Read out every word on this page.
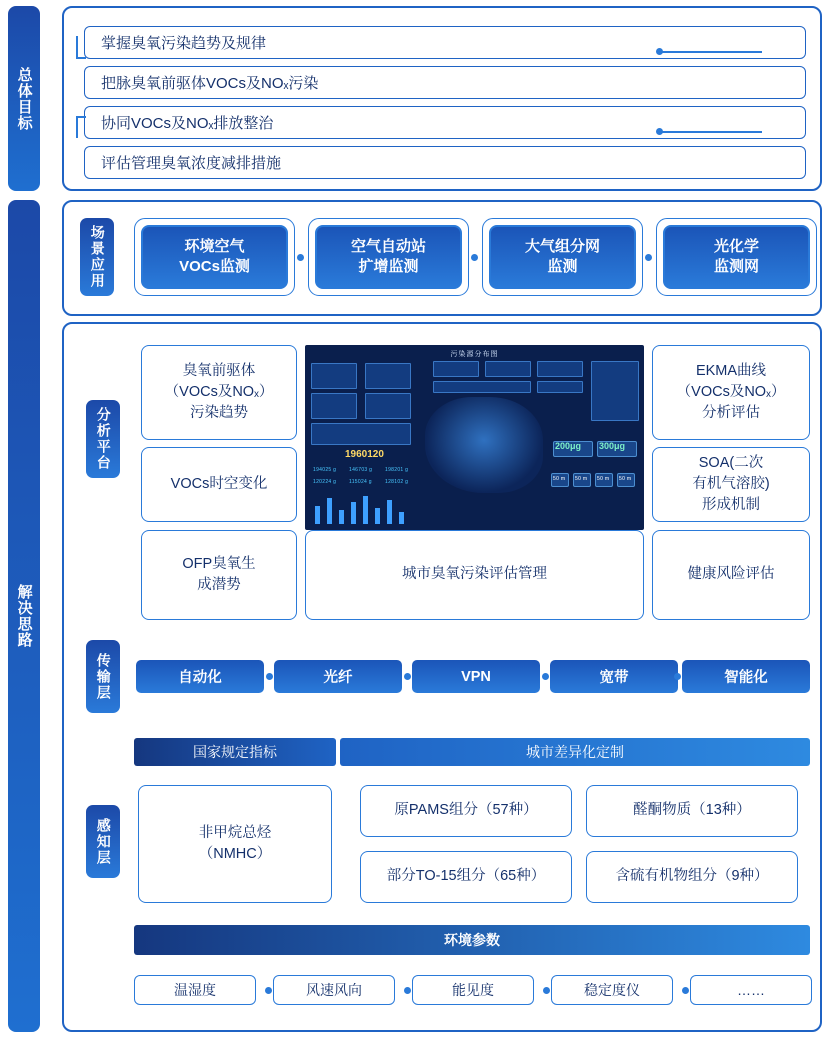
总体目标
解决思路
掌握臭氧污染趋势及规律
把脉臭氧前驱体VOCs及NOₓ污染
协同VOCs及NOₓ排放整治
评估管理臭氧浓度减排措施
场景应用	环境空气
VOCs监测
空气自动站
扩增监测
大气组分网
监测
光化学
监测网
分析平台
臭氧前驱体
（VOCs及NOₓ）
污染趋势
VOCs时空变化
OFP臭氧生
成潜势
EKMA曲线
（VOCs及NOₓ）
分析评估
SOA(二次
有机气溶胶)
形成机制
健康风险评估
污染源分布图
1960120
194025 g	146703 g	198201 g
120224 g	115024 g	128102 g
200μg 300μg
50 m 50 m 50 m 50 m
城市臭氧污染评估管理
传输层	自动化	光纤	VPN	宽带	智能化
感知层
国家规定指标	城市差异化定制
非甲烷总烃
（NMHC）
原PAMS组分（57种）	醛酮物质（13种）
部分TO-15组分（65种）	含硫有机物组分（9种）
环境参数
温湿度	风速风向	能见度	稳定度仪	……
